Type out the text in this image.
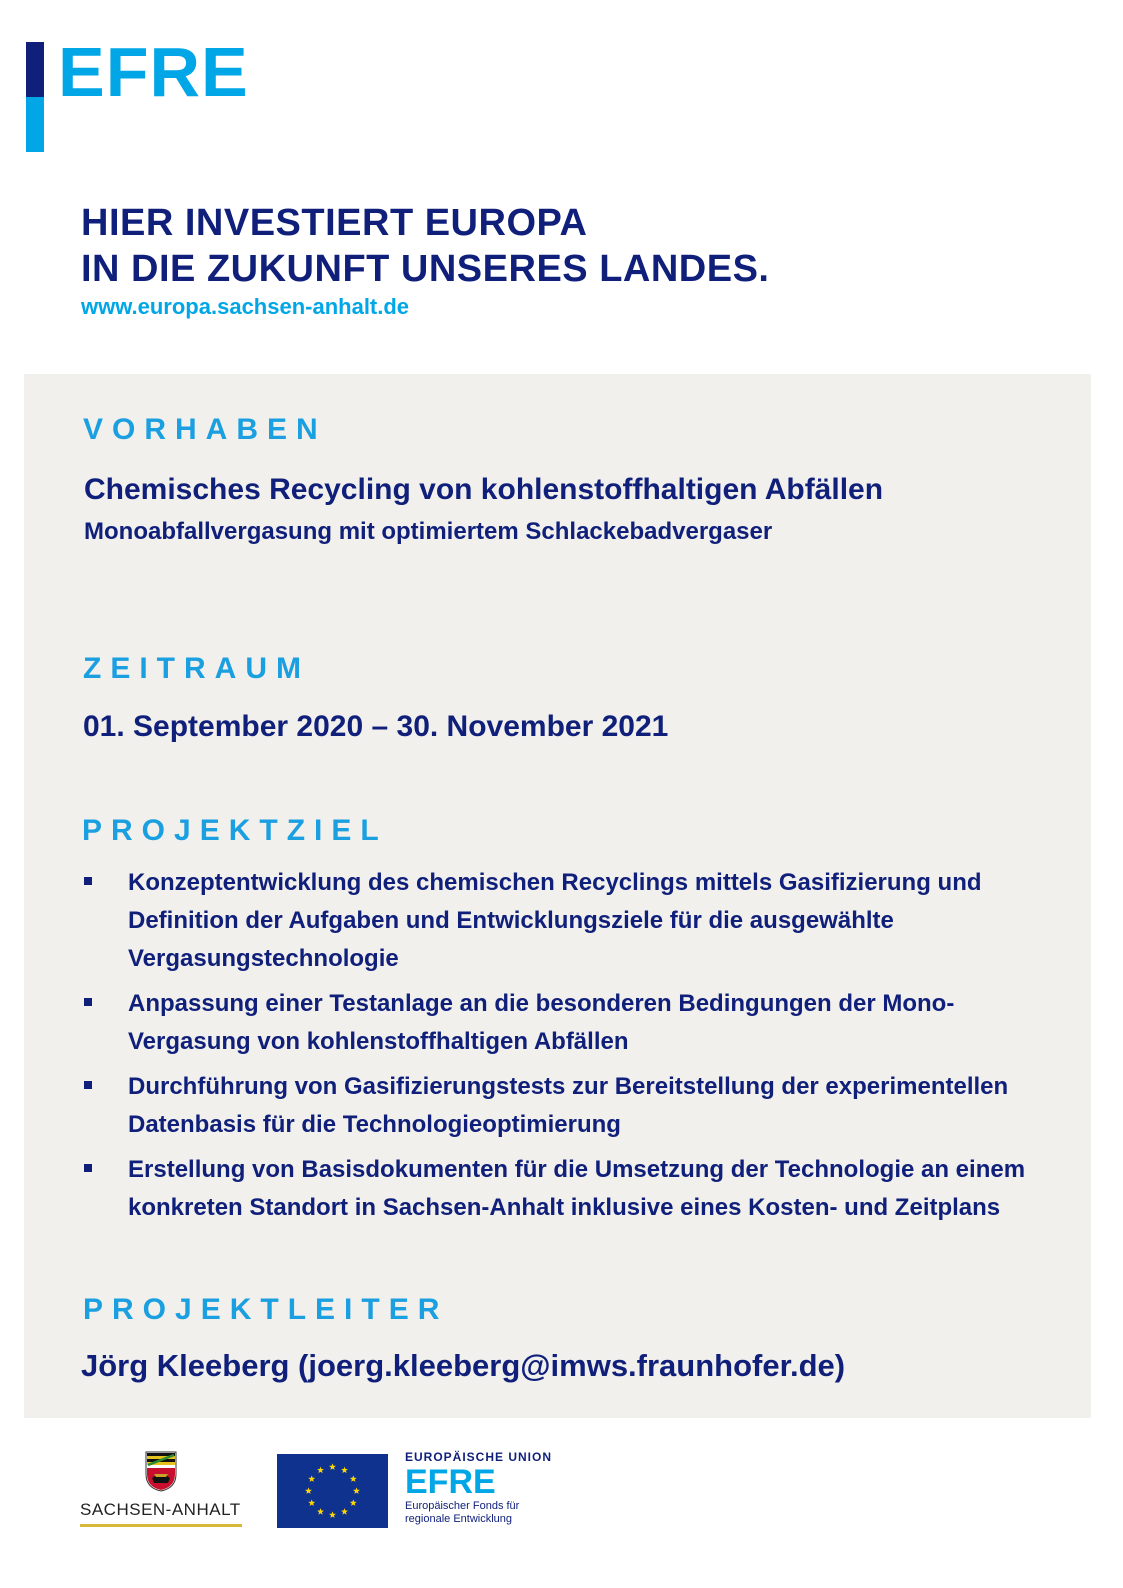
EFRE
HIER INVESTIERT EUROPA
IN DIE ZUKUNFT UNSERES LANDES.
www.europa.sachsen-anhalt.de
VORHABEN
Chemisches Recycling von kohlenstoffhaltigen Abfällen
Monoabfallvergasung mit optimiertem Schlackebadvergaser
ZEITRAUM
01. September 2020 – 30. November 2021
PROJEKTZIEL
Konzeptentwicklung des chemischen Recyclings mittels Gasifizierung und Definition der Aufgaben und Entwicklungsziele für die ausgewählte Vergasungstechnologie
Anpassung einer Testanlage an die besonderen Bedingungen der Mono-Vergasung von kohlenstoffhaltigen Abfällen
Durchführung von Gasifizierungstests zur Bereitstellung der experimentellen Datenbasis für die Technologieoptimierung
Erstellung von Basisdokumenten für die Umsetzung der Technologie an einem konkreten Standort in Sachsen-Anhalt inklusive eines Kosten- und Zeitplans
PROJEKTLEITER
Jörg Kleeberg (joerg.kleeberg@imws.fraunhofer.de)
SACHSEN-ANHALT
EUROPÄISCHE UNION
EFRE
Europäischer Fonds für
regionale Entwicklung
